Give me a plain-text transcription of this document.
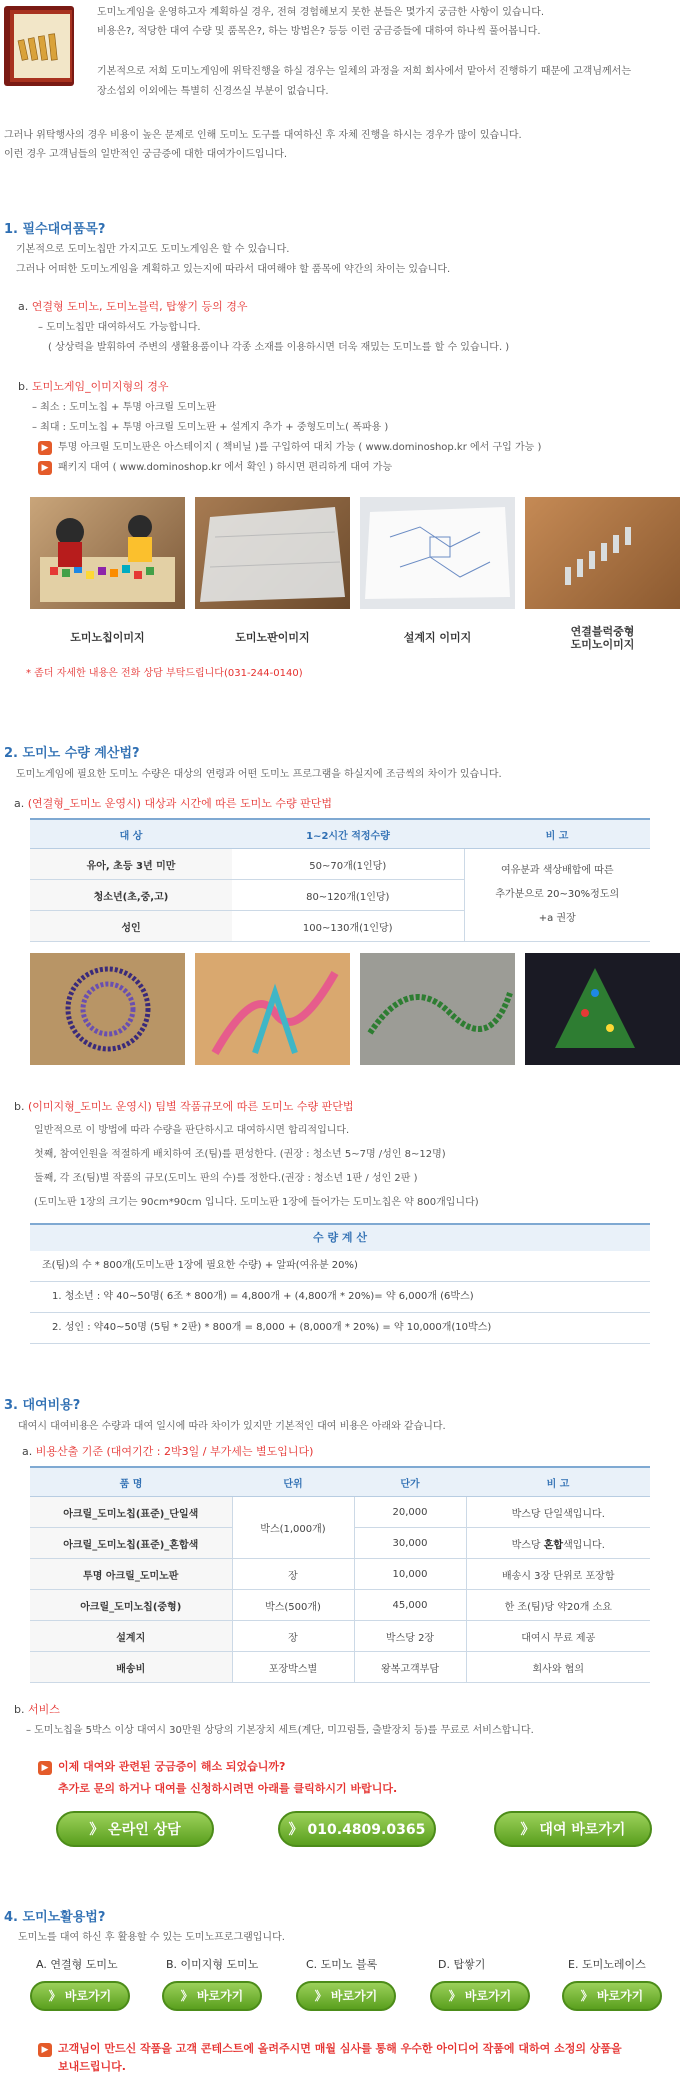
도미노게임을 운영하고자 계획하실 경우, 전혀 경험해보지 못한 분들은 몇가지 궁금한 사항이 있습니다.
비용은?, 적당한 대여 수량 및 품목은?, 하는 방법은? 등등 이런 궁금증들에 대하여 하나씩 풀어봅니다.
기본적으로 저희 도미노게임에 위탁진행을 하실 경우는 일체의 과정을 저희 회사에서 맡아서 진행하기 때문에 고객님께서는
장소섭외 이외에는 특별히 신경쓰실 부분이 없습니다.
그러나 위탁행사의 경우 비용이 높은 문제로 인해 도미노 도구를 대여하신 후 자체 진행을 하시는 경우가 많이 있습니다.
이런 경우 고객님들의 일반적인 궁금증에 대한 대여가이드입니다.
1. 필수대여품목?
기본적으로 도미노칩만 가지고도 도미노게임은 할 수 있습니다.
그러나 어떠한 도미노게임을 계획하고 있는지에 따라서 대여해야 할 품목에 약간의 차이는 있습니다.
a. 연결형 도미노, 도미노블럭, 탑쌓기 등의 경우
– 도미노칩만 대여하셔도 가능합니다.
( 상상력을 발휘하여 주변의 생활용품이나 각종 소재를 이용하시면 더욱 재밌는 도미노를 할 수 있습니다. )
b. 도미노게임_이미지형의 경우
– 최소 : 도미노칩 + 투명 아크릴 도미노판
– 최대 : 도미노칩 + 투명 아크릴 도미노판 + 설계지 추가 + 중형도미노( 폭파용 )
▶ 투명 아크릴 도미노판은 아스테이지 ( 책비닐 )를 구입하여 대치 가능 ( www.dominoshop.kr 에서 구입 가능 )
▶ 패키지 대여 ( www.dominoshop.kr 에서 확인 ) 하시면 편리하게 대여 가능
도미노칩이미지	도미노판이미지	설계지 이미지	연결블럭중형
도미노이미지
* 좀더 자세한 내용은 전화 상담 부탁드립니다(031-244-0140)
2. 도미노 수량 계산법?
도미노게임에 필요한 도미노 수량은 대상의 연령과 어떤 도미노 프로그램을 하실지에 조금씩의 차이가 있습니다.
a. (연결형_도미노 운영시) 대상과 시간에 따른 도미노 수량 판단법
대 상	1~2시간 적정수량	비 고
유아, 초등 3년 미만	50~70개(1인당)	여유분과 색상배합에 따른
추가분으로 20~30%정도의
+a 권장

청소년(초,중,고)	80~120개(1인당)	
성인	100~130개(1인당)	
b. (이미지형_도미노 운영시) 팀별 작품규모에 따른 도미노 수량 판단법
일반적으로 이 방법에 따라 수량을 판단하시고 대여하시면 합리적입니다.
첫째, 참여인원을 적절하게 배치하여 조(팀)를 편성한다. (권장 : 청소년 5~7명 /성인 8~12명)
둘째, 각 조(팀)별 작품의 규모(도미노 판의 수)를 정한다.(권장 : 청소년 1판 / 성인 2판 )
(도미노판 1장의 크기는 90cm*90cm 입니다. 도미노판 1장에 들어가는 도미노칩은 약 800개입니다)
수 량 계 산
조(팀)의 수 * 800개(도미노판 1장에 필요한 수량) + 알파(여유분 20%)
1. 청소년 : 약 40~50명( 6조 * 800개) = 4,800개 + (4,800개 * 20%)= 약 6,000개 (6박스)
2. 성인 : 약40~50명 (5팀 * 2판) * 800개 = 8,000 + (8,000개 * 20%) = 약 10,000개(10박스)
3. 대여비용?
대여시 대여비용은 수량과 대여 일시에 따라 차이가 있지만 기본적인 대여 비용은 아래와 같습니다.
a. 비용산출 기준 (대여기간 : 2박3일 / 부가세는 별도입니다)
품 명	단위	단가	비 고
아크릴_도미노칩(표준)_단일색	박스(1,000개)	20,000	박스당 단일색입니다.
아크릴_도미노칩(표준)_혼합색		30,000	박스당 혼합색입니다.
투명 아크릴_도미노판	장	10,000	배송시 3장 단위로 포장함
아크릴_도미노칩(중형)	박스(500개)	45,000	한 조(팀)당 약20개 소요
설계지	장	박스당 2장	대여시 무료 제공
배송비	포장박스별	왕복고객부담	회사와 협의
b. 서비스
– 도미노칩을 5박스 이상 대여시 30만원 상당의 기본장치 세트(계단, 미끄럼틀, 출발장치 등)를 무료로 서비스합니다.
▶ 이제 대여와 관련된 궁금증이 해소 되었습니까?
추가로 문의 하거나 대여를 신청하시려면 아래를 클릭하시기 바랍니다.
》 온라인 상담	》 010.4809.0365	》 대여 바로가기
4. 도미노활용법?
도미노를 대여 하신 후 활용할 수 있는 도미노프로그램입니다.
A. 연결형 도미노	B. 이미지형 도미노	C. 도미노 블록	D. 탑쌓기	E. 도미노레이스
》 바로가기	》 바로가기	》 바로가기	》 바로가기	》 바로가기
▶ 고객님이 만드신 작품을 고객 콘테스트에 올려주시면 매월 심사를 통해 우수한 아이디어 작품에 대하여 소정의 상품을
보내드립니다.
